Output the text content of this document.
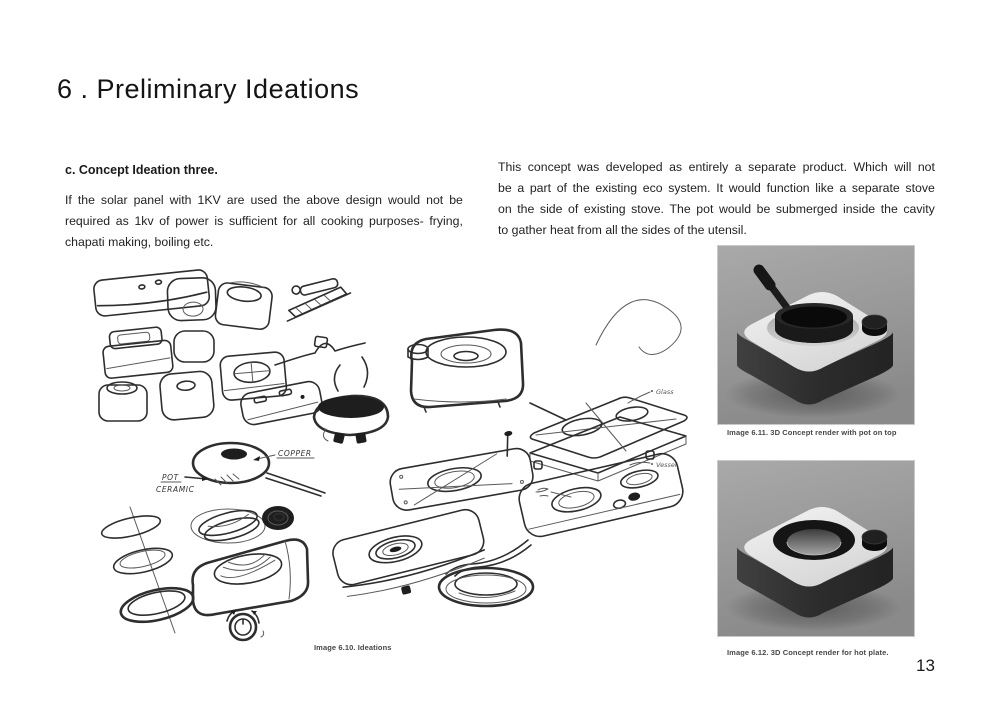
6 . Preliminary Ideations
c. Concept Ideation three.
If the solar panel with 1KV are used the above design would not be
required as 1kv of power is sufficient for all cooking purposes- frying,
chapati making, boiling etc.
This concept was developed as entirely a separate product. Which will not
be a part of the existing eco system. It would function like a separate stove
on the side of existing stove. The pot would be submerged inside the cavity
to gather heat from all the sides of the utensil.
Glass
Vessel
COPPER
POT
CERAMIC
Image 6.10. Ideations
Image 6.11. 3D Concept render with pot on top
Image 6.12. 3D Concept render for hot plate.
13
